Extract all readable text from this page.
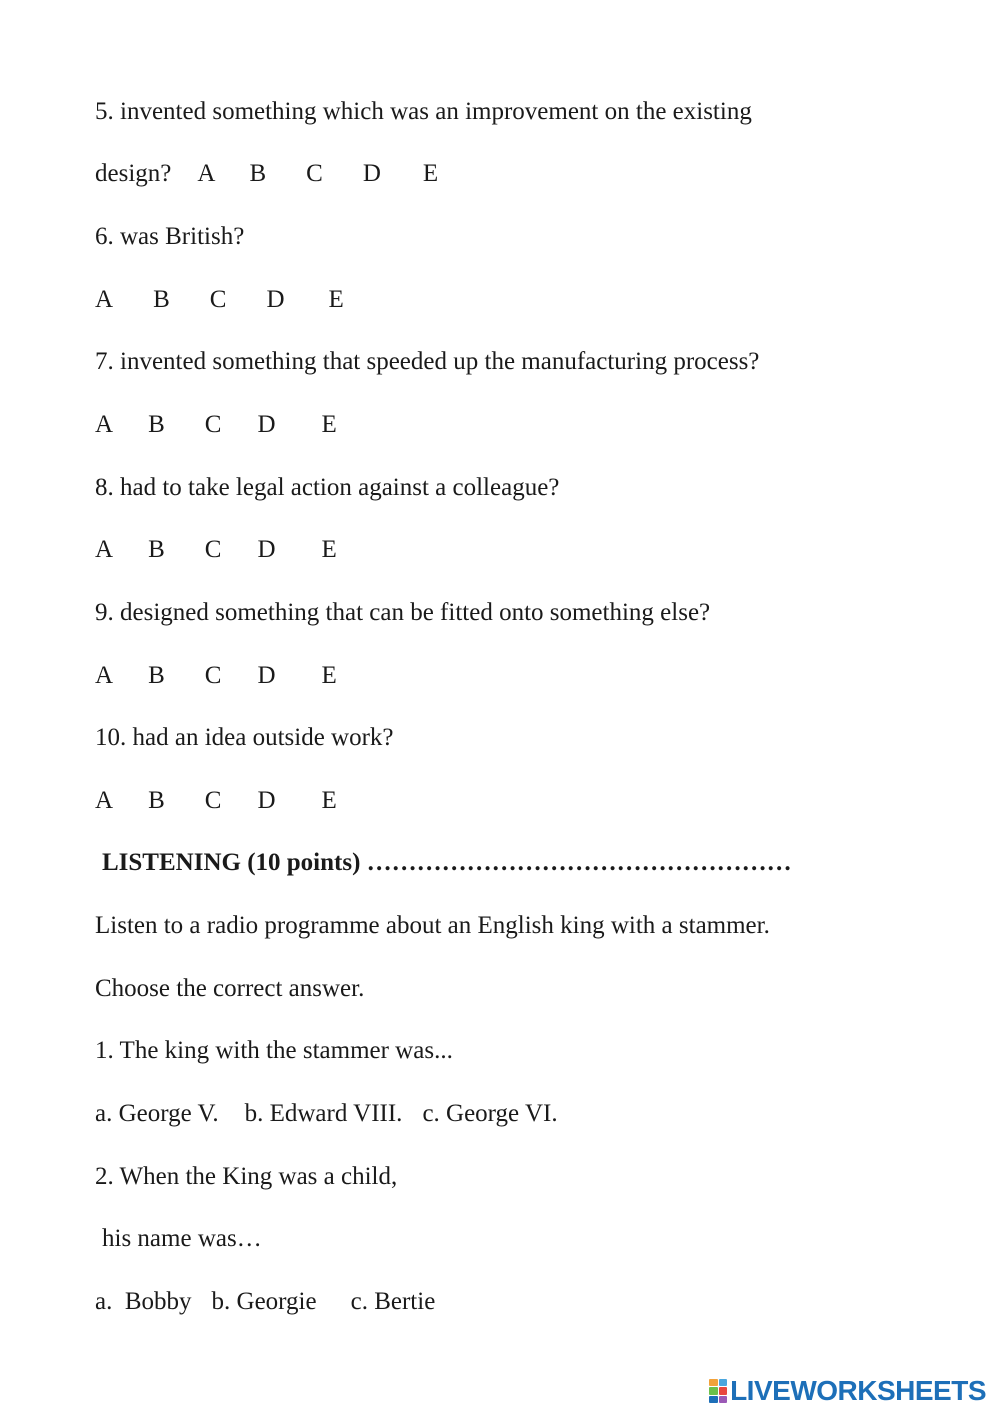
5. invented something which was an improvement on the existing
design? A B C D E
6. was British?
A B C D E
7. invented something that speeded up the manufacturing process?
A B C D E
8. had to take legal action against a colleague?
A B C D E
9. designed something that can be fitted onto something else?
A B C D E
10. had an idea outside work?
A B C D E
LISTENING (10 points) ……………………………………………
Listen to a radio programme about an English king with a stammer.
Choose the correct answer.
1. The king with the stammer was...
a. George V. b. Edward VIII. c. George VI.
2. When the King was a child,
his name was…
a.  Bobby b. Georgie c. Bertie
LIVEWORKSHEETS
